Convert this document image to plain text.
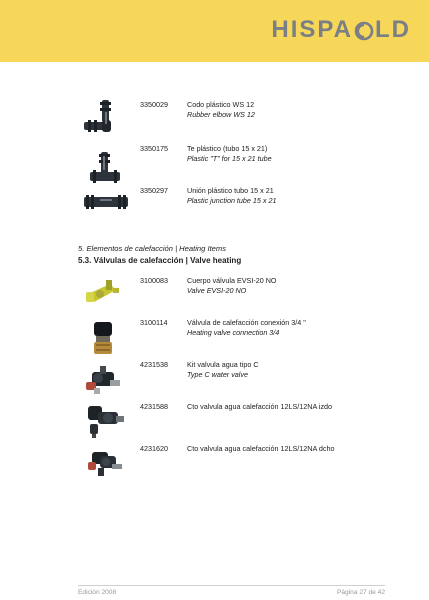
HISPA LD
3350029	Codo plástico WS 12
Rubber elbow WS 12
3350175	Te plástico (tubo 15 x 21)
Plastic "T" for 15 x 21 tube
3350297	Unión plástico tubo 15 x 21
Plastic junction tube 15 x 21
5. Elementos de calefacción | Heating Items
5.3. Válvulas de calefacción | Valve heating
3100083	Cuerpo válvula EVSI-20 NO
Valve EVSI-20 NO
3100114	Válvula de calefacción conexión 3/4 "
Heating valve connection 3/4
4231538	Kit valvula agua tipo C
Type C water valve
4231588	Cto valvula agua calefacción 12LS/12NA izdo
4231620	Cto valvula agua calefacción 12LS/12NA dcho
Edición 2008	Página 27 de 42
